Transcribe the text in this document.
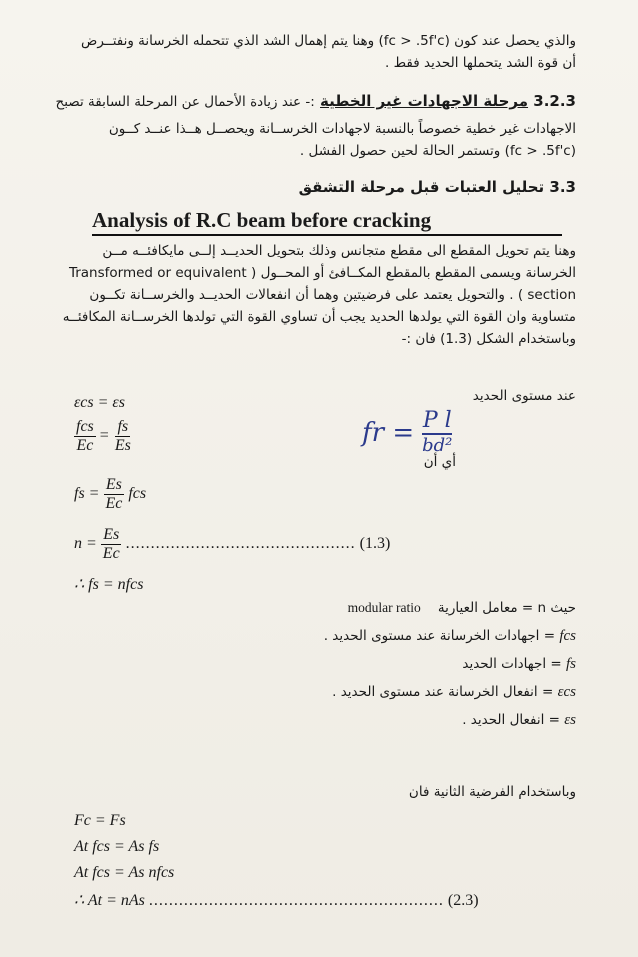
والذي يحصل عند كون (fc > .5f'c) وهنا يتم إهمال الشد الذي تتحمله الخرسانة ونفتــرض
أن قوة الشد يتحملها الحديد فقط .
3.2.3 مرحلة الاجهادات غير الخطية :- عند زيادة الأحمال عن المرحلة السابقة تصبح
الاجهادات غير خطية خصوصاً بالنسبة لاجهادات الخرســانة ويحصــل هــذا عنــد كــون
(fc > .5f'c) وتستمر الحالة لحين حصول الفشل .
3.3 تحليل العتبات قبل مرحلة التشقق
Analysis of R.C beam before cracking
وهنا يتم تحويل المقطع الى مقطع متجانس وذلك بتحويل الحديــد إلــى مايكافئــه مــن
الخرسانة ويسمى المقطع بالمقطع المكــافئ أو المحــول ( Transformed or equivalent
section ) . والتحويل يعتمد على فرضيتين وهما أن انفعالات الحديــد والخرســانة تكــون
متساوية وان القوة التي يولدها الحديد يجب أن تساوي القوة التي تولدها الخرســانة المكافئــه
وباستخدام الشكل (1.3) فان :-
عند مستوى الحديد
εcs = εs
$\frac{\text{fcs}}{Ec} = \frac{fs}{Es}$	fr = P l
bd²
أي أن
fs = $\frac{Es}{Ec}$ fcs
$n = \frac{Es}{Ec}$ .............................................. (1.3)
∴ fs = nfcs
حيث n = معامل العيارية    modular ratio
fcs = اجهادات الخرسانة عند مستوى الحديد .
fs = اجهادات الحديد
εcs = انفعال الخرسانة عند مستوى الحديد .
εs = انفعال الحديد .
وباستخدام الفرضية الثانية فان
Fc = Fs
At fcs = As fs
At fcs = As nfcs
∴ At = nAs ........................................................... (2.3)
